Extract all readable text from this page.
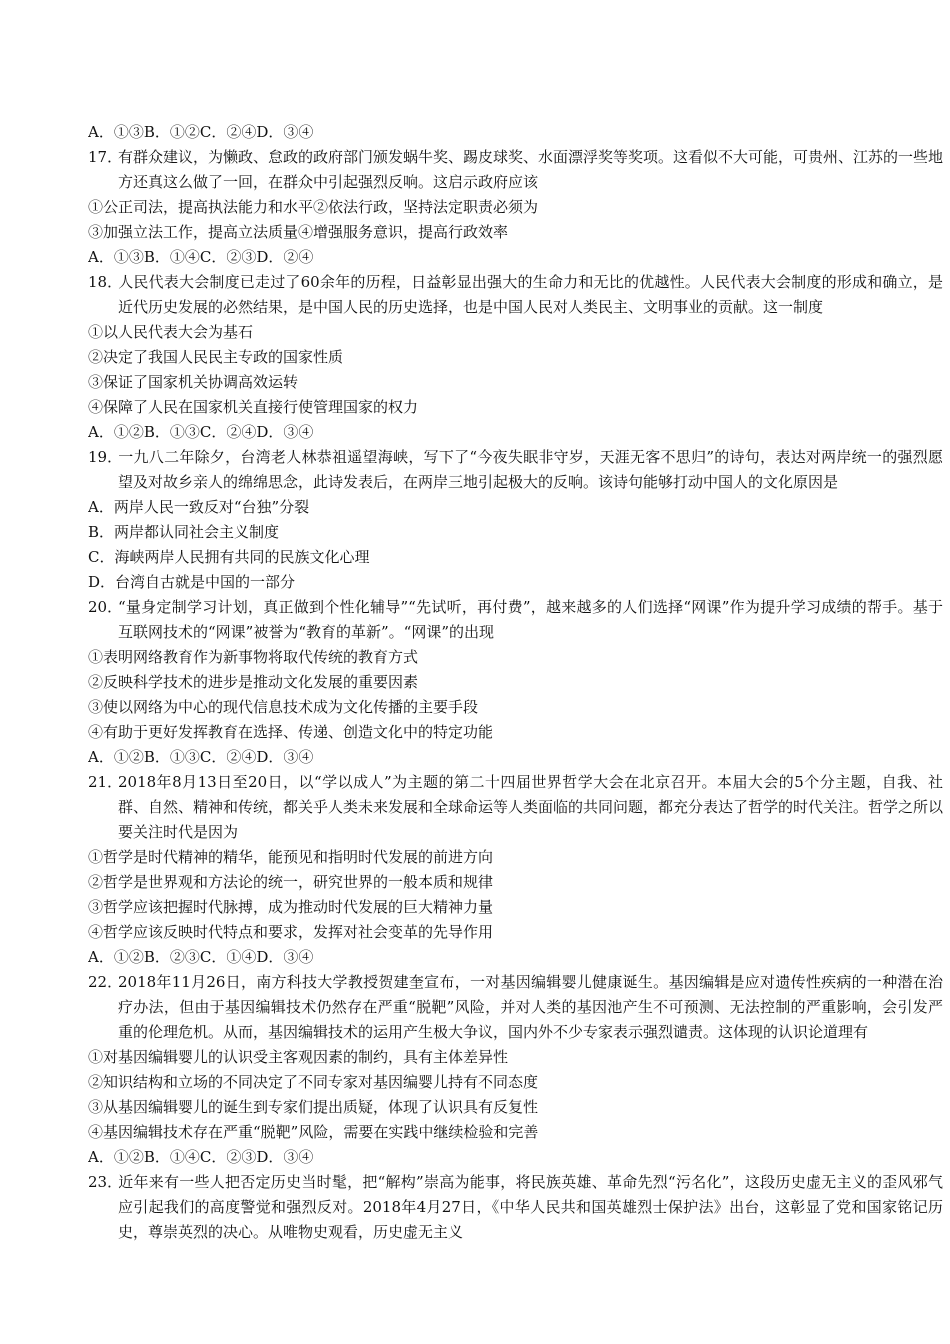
A．①③B．①②C．②④D．③④
17．有群众建议，为懒政、怠政的政府部门颁发蜗牛奖、踢皮球奖、水面漂浮奖等奖项。这看似不大可能，可贵州、江苏的一些地方还真这么做了一回，在群众中引起强烈反响。这启示政府应该
①公正司法，提高执法能力和水平②依法行政，坚持法定职责必须为
③加强立法工作，提高立法质量④增强服务意识，提高行政效率
A．①③B．①④C．②③D．②④
18．人民代表大会制度已走过了60余年的历程，日益彰显出强大的生命力和无比的优越性。人民代表大会制度的形成和确立，是近代历史发展的必然结果，是中国人民的历史选择，也是中国人民对人类民主、文明事业的贡献。这一制度
①以人民代表大会为基石
②决定了我国人民民主专政的国家性质
③保证了国家机关协调高效运转
④保障了人民在国家机关直接行使管理国家的权力
A．①②B．①③C．②④D．③④
19．一九八二年除夕，台湾老人林恭祖遥望海峡，写下了“今夜失眠非守岁，天涯无客不思归”的诗句，表达对两岸统一的强烈愿望及对故乡亲人的绵绵思念，此诗发表后，在两岸三地引起极大的反响。该诗句能够打动中国人的文化原因是
A．两岸人民一致反对“台独”分裂
B．两岸都认同社会主义制度
C．海峡两岸人民拥有共同的民族文化心理
D．台湾自古就是中国的一部分
20．“量身定制学习计划，真正做到个性化辅导”“先试听，再付费”，越来越多的人们选择“网课”作为提升学习成绩的帮手。基于互联网技术的“网课”被誉为“教育的革新”。“网课”的出现
①表明网络教育作为新事物将取代传统的教育方式
②反映科学技术的进步是推动文化发展的重要因素
③使以网络为中心的现代信息技术成为文化传播的主要手段
④有助于更好发挥教育在选择、传递、创造文化中的特定功能
A．①②B．①③C．②④D．③④
21．2018年8月13日至20日，以“学以成人”为主题的第二十四届世界哲学大会在北京召开。本届大会的5个分主题，自我、社群、自然、精神和传统，都关乎人类未来发展和全球命运等人类面临的共同问题，都充分表达了哲学的时代关注。哲学之所以要关注时代是因为
①哲学是时代精神的精华，能预见和指明时代发展的前进方向
②哲学是世界观和方法论的统一，研究世界的一般本质和规律
③哲学应该把握时代脉搏，成为推动时代发展的巨大精神力量
④哲学应该反映时代特点和要求，发挥对社会变革的先导作用
A．①②B．②③C．①④D．③④
22．2018年11月26日，南方科技大学教授贺建奎宣布，一对基因编辑婴儿健康诞生。基因编辑是应对遗传性疾病的一种潜在治疗办法，但由于基因编辑技术仍然存在严重“脱靶”风险，并对人类的基因池产生不可预测、无法控制的严重影响，会引发严重的伦理危机。从而，基因编辑技术的运用产生极大争议，国内外不少专家表示强烈谴责。这体现的认识论道理有
①对基因编辑婴儿的认识受主客观因素的制约，具有主体差异性
②知识结构和立场的不同决定了不同专家对基因编婴儿持有不同态度
③从基因编辑婴儿的诞生到专家们提出质疑，体现了认识具有反复性
④基因编辑技术存在严重“脱靶”风险，需要在实践中继续检验和完善
A．①②B．①④C．②③D．③④
23．近年来有一些人把否定历史当时髦，把“解构”崇高为能事，将民族英雄、革命先烈“污名化”，这段历史虚无主义的歪风邪气应引起我们的高度警觉和强烈反对。2018年4月27日，《中华人民共和国英雄烈士保护法》出台，这彰显了党和国家铭记历史，尊崇英烈的决心。从唯物史观看，历史虚无主义
